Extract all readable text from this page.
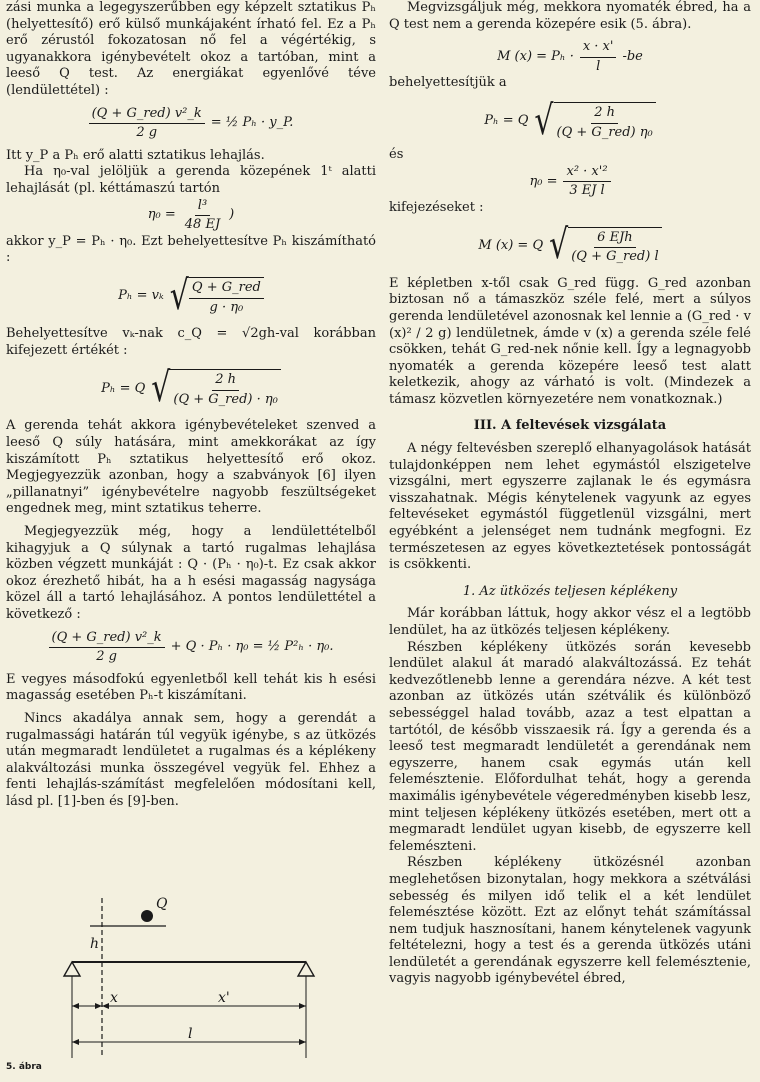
zási munka a legegyszerűbben egy képzelt sztatikus Pₕ (helyettesítő) erő külső munkájaként írható fel. Ez a Pₕ erő zérustól fokozatosan nő fel a végértékig, s ugyanakkora igénybevételt okoz a tartóban, mint a leeső Q test. Az energiákat egyenlővé téve (lendülettétel) :

$\frac{\text{(Q + G\_red) v²\_k}}{2 g}$ = ½ Pₕ · y_P.

Itt y_P a Pₕ erő alatti sztatikus lehajlás.

Ha η₀-val jelöljük a gerenda közepének 1ᵗ alatti lehajlását (pl. kéttámaszú tartón

$\eta_0 = \frac{\text{l³}}{48 EJ}$ )

akkor y_P = Pₕ · η₀. Ezt behelyettesítve Pₕ kiszámítható :

Pₕ = vₖ √ $\frac{\text{Q + G\_red}}{\text{g · η₀}}$

Behelyettesítve vₖ-nak c_Q = √2gh-val korábban kifejezett értékét :

Pₕ = Q √ $\frac{2 h}{\text{(Q + G\_red) · η₀}}$

A gerenda tehát akkora igénybevételeket szenved a leeső Q súly hatására, mint amekkorákat az így kiszámított Pₕ sztatikus helyettesítő erő okoz. Megjegyezzük azonban, hogy a szabványok [6] ilyen „pillanatnyi” igénybevételre nagyobb feszültségeket engednek meg, mint sztatikus teherre.

Megjegyezzük még, hogy a lendülettételből kihagyjuk a Q súlynak a tartó rugalmas lehajlása közben végzett munkáját : Q · (Pₕ · η₀)-t. Ez csak akkor okoz érezhető hibát, ha a h esési magasság nagysága közel áll a tartó lehajlásához. A pontos lendülettétel a következő :

$\frac{\text{(Q + G\_red) v²\_k}}{2 g} + Q \cdot P_h \cdot \eta_0$ = ½ P²ₕ · η₀.

E vegyes másodfokú egyenletből kell tehát kis h esési magasság esetében Pₕ-t kiszámítani.

Nincs akadálya annak sem, hogy a gerendát a rugalmassági határán túl vegyük igénybe, s az ütközés után megmaradt lendületet a rugalmas és a képlékeny alakváltozási munka összegével vegyük fel. Ehhez a fenti lehajlás-számítást megfelelően módosítani kell, lásd pl. [1]-ben és [9]-ben.

Q
h
x	x'
l
5. ábra

Megvizsgáljuk még, mekkora nyomaték ébred, ha a Q test nem a gerenda közepére esik (5. ábra).

M $(x) = P_h \cdot \frac{x \cdot x'}{l} -be$

behelyettesítjük a

Pₕ = Q √ $\frac{2 h}{\text{(Q + G\_red) η₀}}$

és

$\eta_0 = \frac{\text{x² · x'²}}{\text{3 EJ l}}$

kifejezéseket :

M (x) = Q √ $\frac{\text{6 EJh}}{\text{(Q + G\_red) l}}$

E képletben x-től csak G_red függ. G_red azonban biztosan nő a támaszköz széle felé, mert a súlyos gerenda lendületével azonosnak kel lennie a (G_red · v (x)² / 2 g) lendületnek, ámde v (x) a gerenda széle felé csökken, tehát G_red-nek nőnie kell. Így a legnagyobb nyomaték a gerenda közepére leeső test alatt keletkezik, ahogy az várható is volt. (Mindezek a támasz közvetlen környezetére nem vonatkoznak.)

III. A feltevések vizsgálata

A négy feltevésben szereplő elhanyagolások hatását tulajdonképpen nem lehet egymástól elszigetelve vizsgálni, mert egyszerre zajlanak le és egymásra visszahatnak. Mégis kénytelenek vagyunk az egyes feltevéseket egymástól függetlenül vizsgálni, mert egyébként a jelenséget nem tudnánk megfogni. Ez természetesen az egyes következtetések pontosságát is csökkenti.

1. Az ütközés teljesen képlékeny

Már korábban láttuk, hogy akkor vész el a legtöbb lendület, ha az ütközés teljesen képlékeny.

Részben képlékeny ütközés során kevesebb lendület alakul át maradó alakváltozássá. Ez tehát kedvezőtlenebb lenne a gerendára nézve. A két test azonban az ütközés után szétválik és különböző sebességgel halad tovább, azaz a test elpattan a tartótól, de később visszaesik rá. Így a gerenda és a leeső test megmaradt lendületét a gerendának nem egyszerre, hanem csak egymás után kell felemésztenie. Előfordulhat tehát, hogy a gerenda maximális igénybevétele végeredményben kisebb lesz, mint teljesen képlékeny ütközés esetében, mert ott a megmaradt lendület ugyan kisebb, de egyszerre kell felemészteni.

Részben képlékeny ütközésnél azonban meglehetősen bizonytalan, hogy mekkora a szétválási sebesség és milyen idő telik el a két lendület felemésztése között. Ezt az előnyt tehát számítással nem tudjuk hasznosítani, hanem kénytelenek vagyunk feltételezni, hogy a test és a gerenda ütközés utáni lendületét a gerendának egyszerre kell felemésztenie, vagyis nagyobb igénybevétel ébred,
